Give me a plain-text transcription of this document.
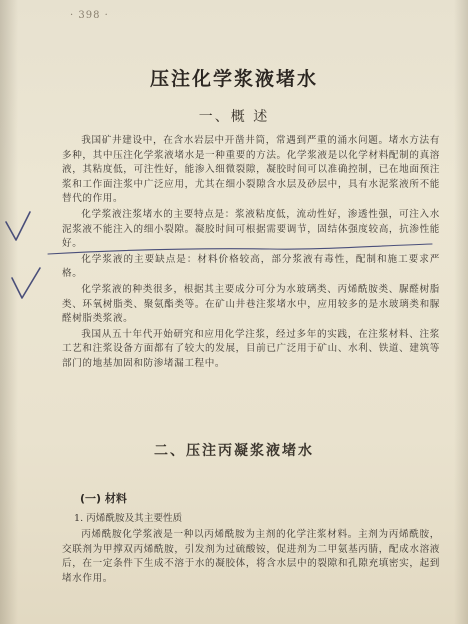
· 398 ·
压注化学浆液堵水
一、概 述

我国矿井建设中，在含水岩层中开凿井筒，常遇到严重的涌水问题。堵水方法有多种，其中压注化学浆液堵水是一种重要的方法。化学浆液是以化学材料配制的真溶液，其粘度低，可注性好，能渗入细微裂隙，凝胶时间可以准确控制，已在地面预注浆和工作面注浆中广泛应用，尤其在细小裂隙含水层及砂层中，具有水泥浆液所不能替代的作用。

化学浆液注浆堵水的主要特点是：浆液粘度低，流动性好，渗透性强，可注入水泥浆液不能注入的细小裂隙。凝胶时间可根据需要调节，固结体强度较高，抗渗性能好。

化学浆液的主要缺点是：材料价格较高，部分浆液有毒性，配制和施工要求严格。

化学浆液的种类很多，根据其主要成分可分为水玻璃类、丙烯酰胺类、脲醛树脂类、环氧树脂类、聚氨酯类等。在矿山井巷注浆堵水中，应用较多的是水玻璃类和脲醛树脂类浆液。

我国从五十年代开始研究和应用化学注浆，经过多年的实践，在注浆材料、注浆工艺和注浆设备方面都有了较大的发展，目前已广泛用于矿山、水利、铁道、建筑等部门的地基加固和防渗堵漏工程中。

二、压注丙凝浆液堵水
(一) 材料
1. 丙烯酰胺及其主要性质

丙烯酰胺化学浆液是一种以丙烯酰胺为主剂的化学注浆材料。主剂为丙烯酰胺，交联剂为甲撑双丙烯酰胺，引发剂为过硫酸铵，促进剂为二甲氨基丙腈，配成水溶液后，在一定条件下生成不溶于水的凝胶体，将含水层中的裂隙和孔隙充填密实，起到堵水作用。
